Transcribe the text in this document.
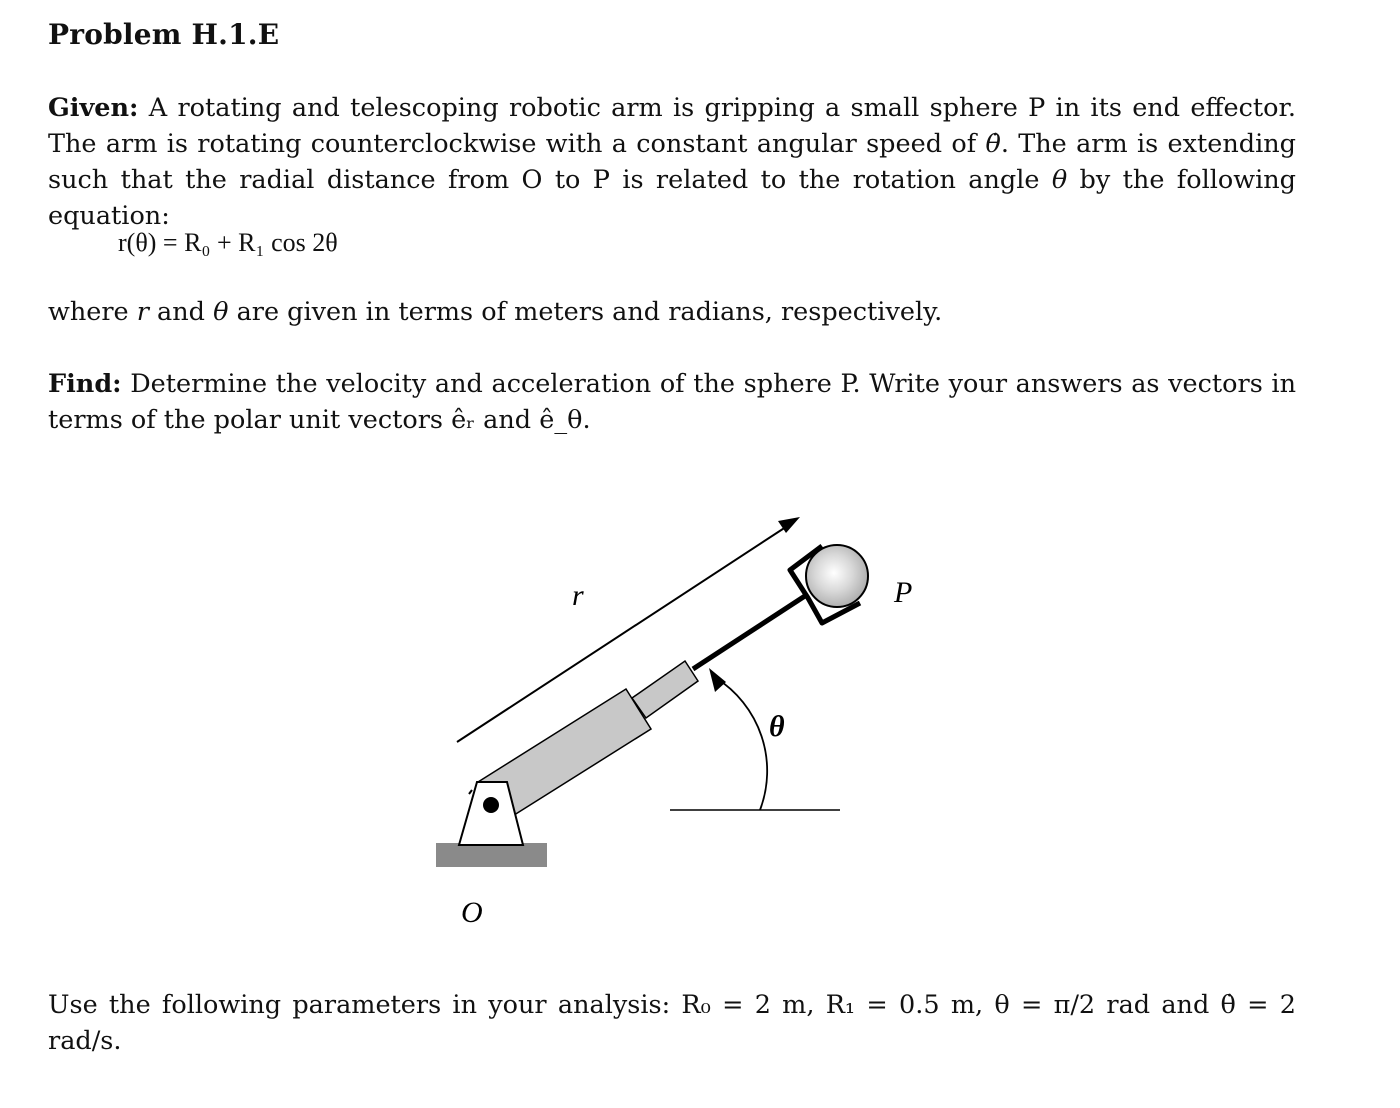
Problem H.1.E
Given: A rotating and telescoping robotic arm is gripping a small sphere P in its end effector. The arm is rotating counterclockwise with a constant angular speed of θ̇. The arm is extending such that the radial distance from O to P is related to the rotation angle θ by the following equation:
r(θ) = R₀ + R₁ cos 2θ
where r and θ are given in terms of meters and radians, respectively.
Find: Determine the velocity and acceleration of the sphere P. Write your answers as vectors in terms of the polar unit vectors êᵣ and ê_θ.
r	P
θ
O
Use the following parameters in your analysis: R₀ = 2 m, R₁ = 0.5 m, θ = π/2 rad and θ̇ = 2 rad/s.
